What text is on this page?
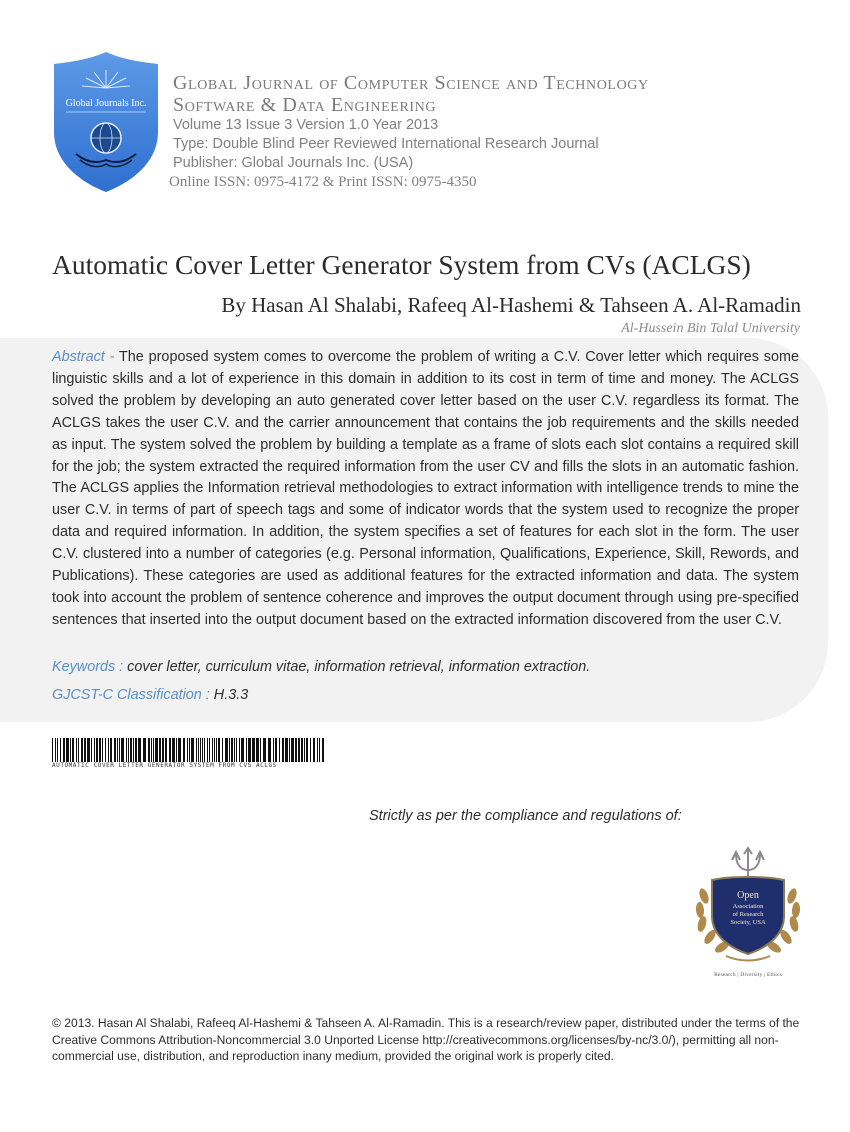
Global Journals Inc.

Global Journal of Computer Science and Technology

Software & Data Engineering

Volume 13 Issue 3 Version 1.0 Year 2013

Type: Double Blind Peer Reviewed International Research Journal

Publisher: Global Journals Inc. (USA)

Online ISSN: 0975-4172 & Print ISSN: 0975-4350

Automatic Cover Letter Generator System from CVs (ACLGS)
By Hasan Al Shalabi, Rafeeq Al-Hashemi & Tahseen A. Al-Ramadin
Al-Hussein Bin Talal University

Abstract - The proposed system comes to overcome the problem of writing a C.V. Cover letter which requires some linguistic skills and a lot of experience in this domain in addition to its cost in term of time and money. The ACLGS solved the problem by developing an auto generated cover letter based on the user C.V. regardless its format. The ACLGS takes the user C.V. and the carrier announcement that contains the job requirements and the skills needed as input. The system solved the problem by building a template as a frame of slots each slot contains a required skill for the job; the system extracted the required information from the user CV and fills the slots in an automatic fashion. The ACLGS applies the Information retrieval methodologies to extract information with intelligence trends to mine the user C.V. in terms of part of speech tags and some of indicator words that the system used to recognize the proper data and required information. In addition, the system specifies a set of features for each slot in the form. The user C.V. clustered into a number of categories (e.g. Personal information, Qualifications, Experience, Skill, Rewords, and Publications). These categories are used as additional features for the extracted information and data. The system took into account the problem of sentence coherence and improves the output document through using pre-specified sentences that inserted into the output document based on the extracted information discovered from the user C.V.

Keywords : cover letter, curriculum vitae, information retrieval, information extraction.
GJCST-C Classification : H.3.3
AUTOMATIC COVER LETTER GENERATOR SYSTEM FROM CVS ACLGS
Strictly as per the compliance and regulations of:
Open
Association
of Research
Society, USA
Research | Diversity | Ethics

© 2013. Hasan Al Shalabi, Rafeeq Al-Hashemi & Tahseen A. Al-Ramadin. This is a research/review paper, distributed under the terms of the Creative Commons Attribution-Noncommercial 3.0 Unported License http://creativecommons.org/licenses/by-nc/3.0/), permitting all non-commercial use, distribution, and reproduction inany medium, provided the original work is properly cited.
